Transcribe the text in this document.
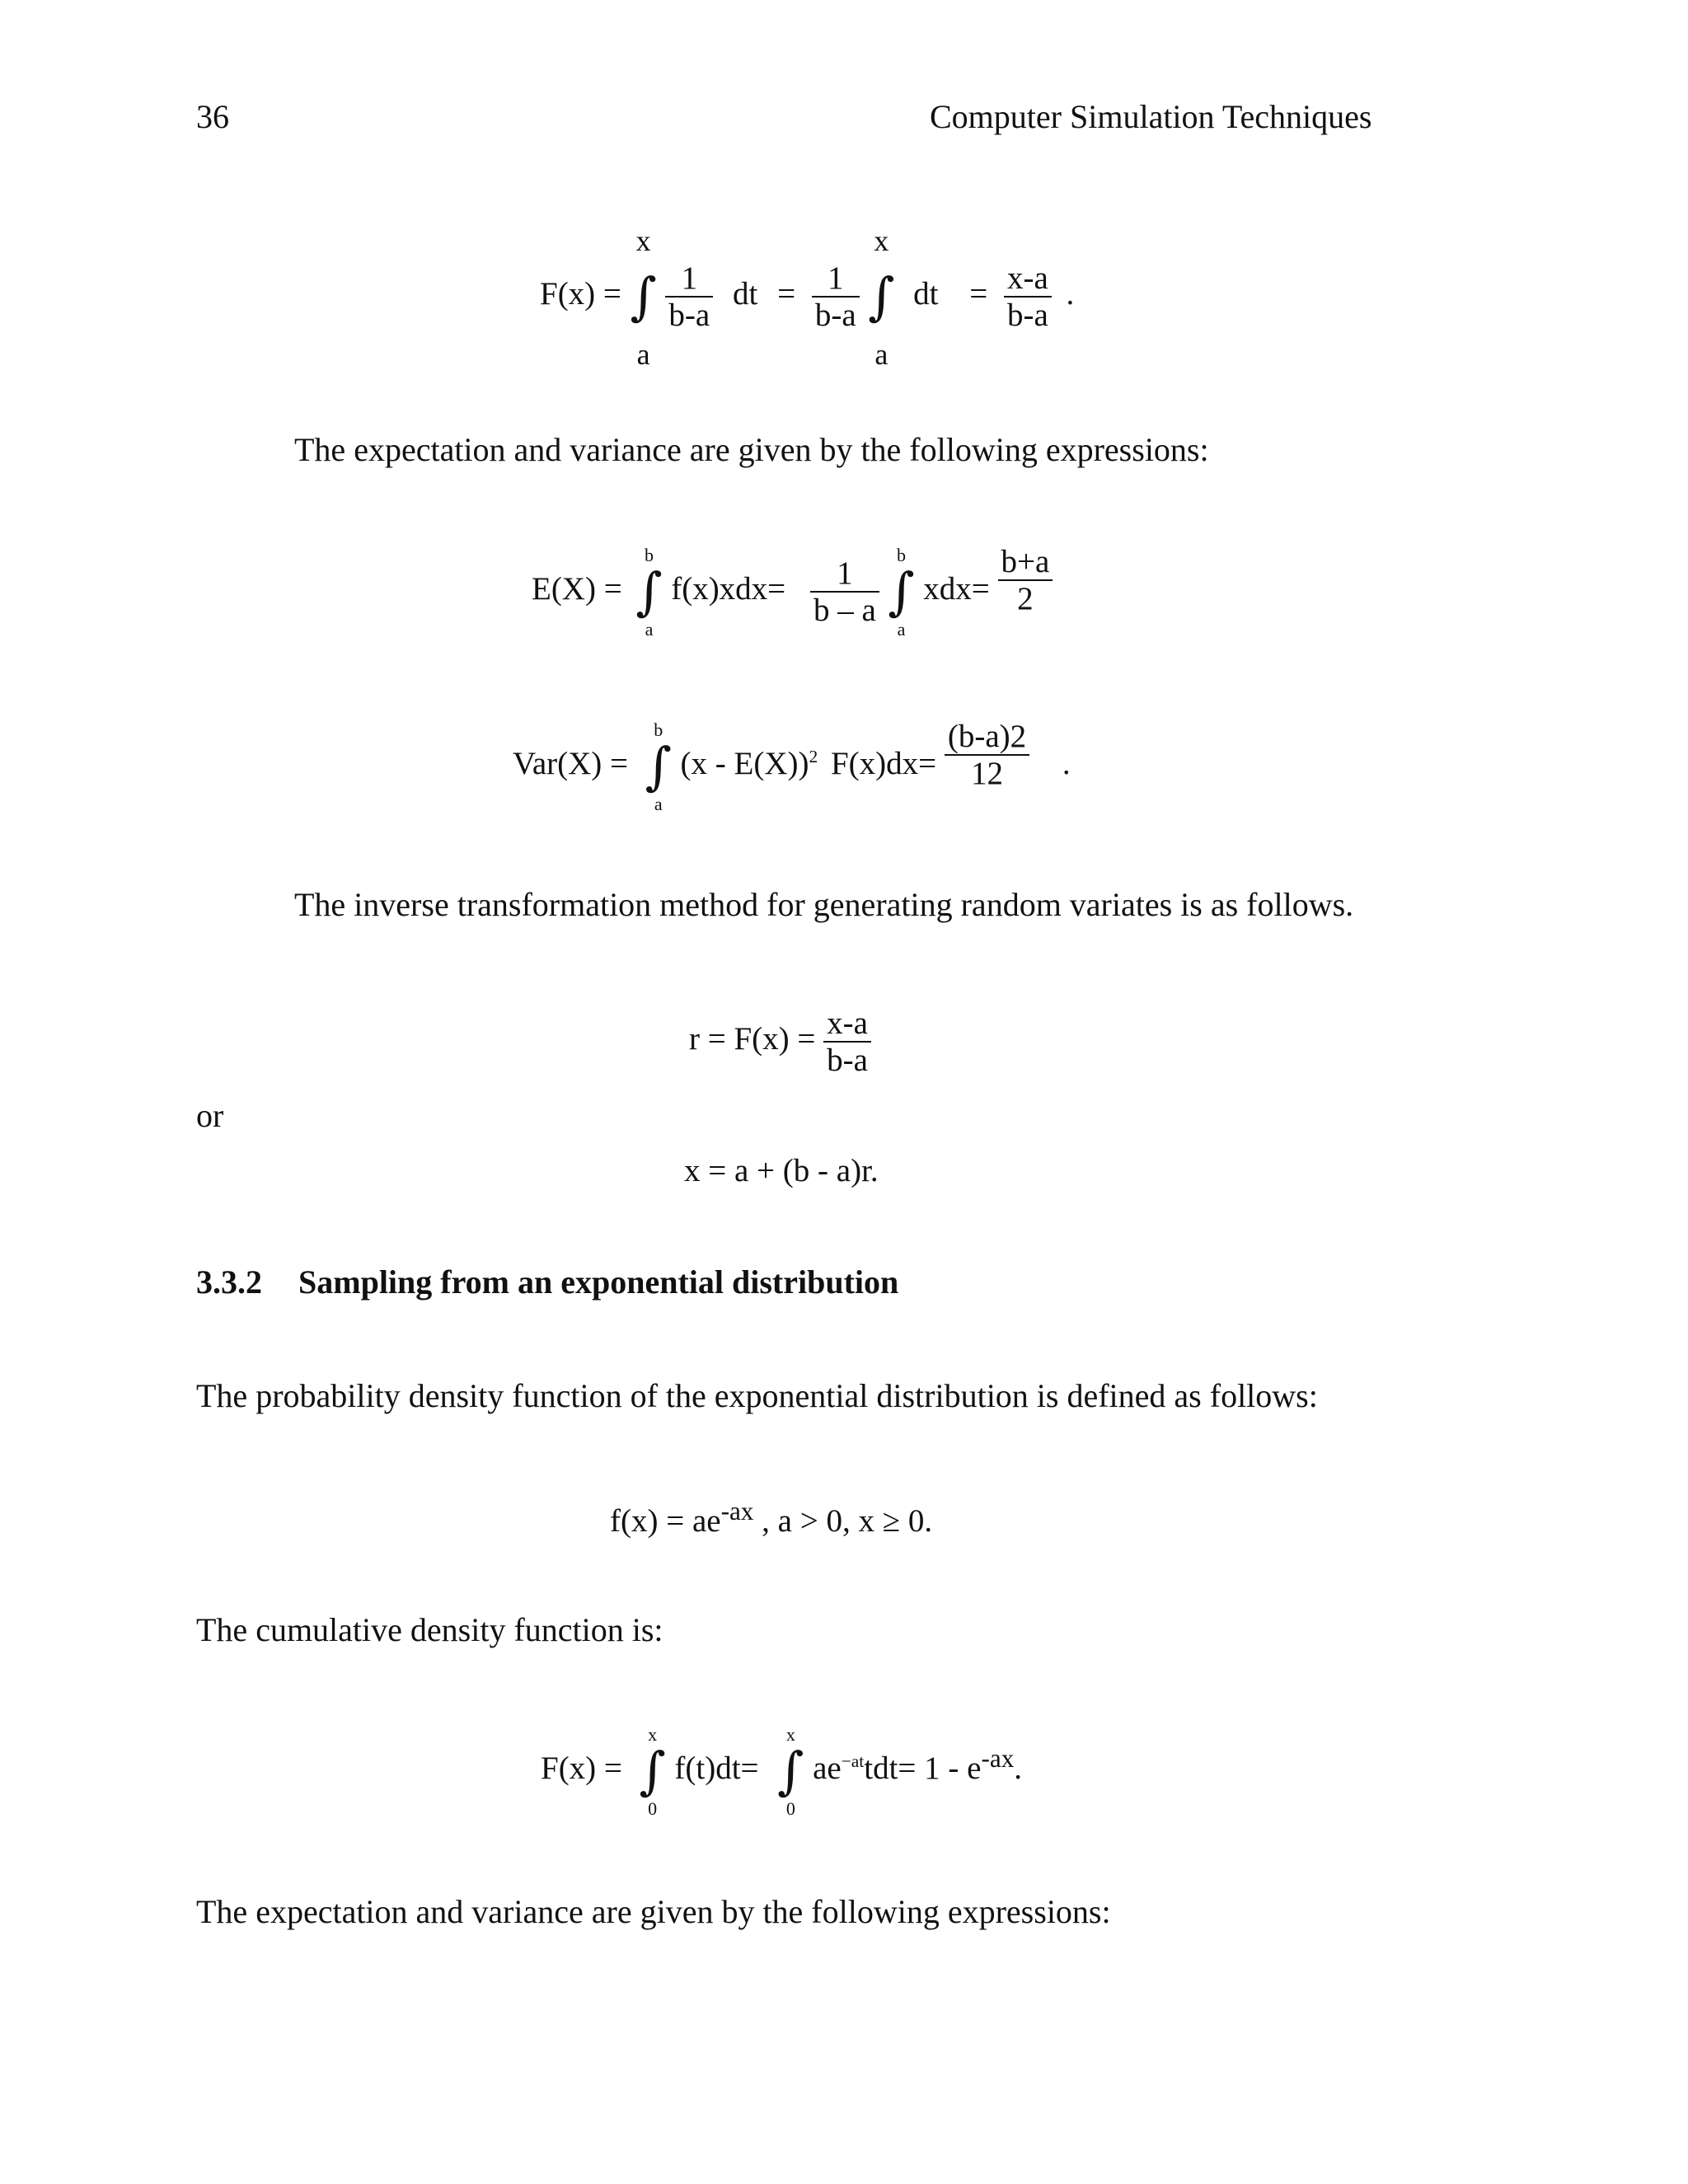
36	Computer Simulation Techniques
F(x) =
x
∫
a

$\frac{1}{b-a}$ dt = $\frac{1}{b-a}$

x
∫
a
dt = $\frac{x-a}{b-a}$ .
The expectation and variance are given by the following expressions:
E(X) =
b
∫
a
$f(x)xdx= \frac{1}{b - a}$

b
∫
a
$xdx= \frac{b+a}{2}$
Var(X) =
b
∫
a
(x - E(X))$^2$ $F(x)dx= \frac{(b-a)2}{12}$ .
The inverse transformation method for generating random variates is as follows.
$r = F(x) = \frac{x-a}{b-a}$
or
x = a + (b - a)r.
3.3.2 Sampling from an exponential distribution
The probability density function of the exponential distribution is defined as follows:
$f(x) = ae^{-ax}$ , a > 0, x ≥ 0.
The cumulative density function is:
F(x) =
x
∫
0
f(t)dt=
x
∫
0
$ae^{-at}tdt= 1 - e^{-ax}$.
The expectation and variance are given by the following expressions:
